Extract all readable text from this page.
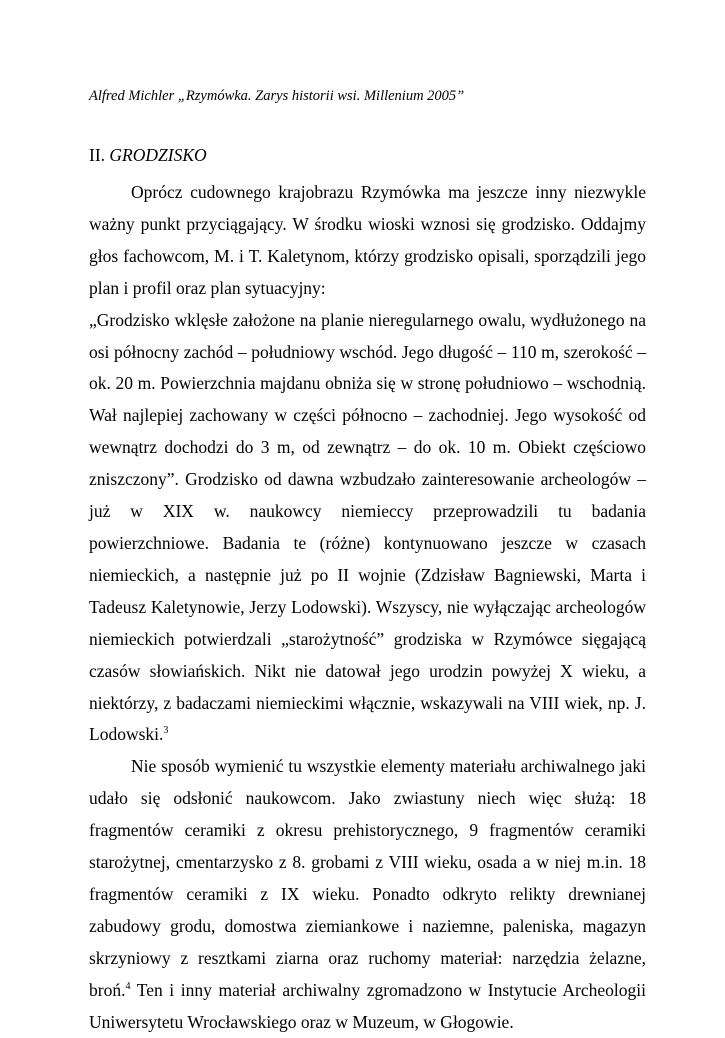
Alfred Michler „Rzymówka. Zarys historii wsi. Millenium 2005”
II. GRODZISKO

Oprócz cudownego krajobrazu Rzymówka ma jeszcze inny niezwykle ważny punkt przyciągający. W środku wioski wznosi się grodzisko. Oddajmy głos fachowcom, M. i T. Kaletynom, którzy grodzisko opisali, sporządzili jego plan i profil oraz plan sytuacyjny:

„Grodzisko wklęsłe założone na planie nieregularnego owalu, wydłużonego na osi północny zachód – południowy wschód. Jego długość – 110 m, szerokość – ok. 20 m. Powierzchnia majdanu obniża się w stronę południowo – wschodnią. Wał najlepiej zachowany w części północno – zachodniej. Jego wysokość od wewnątrz dochodzi do 3 m, od zewnątrz – do ok. 10 m. Obiekt częściowo zniszczony”. Grodzisko od dawna wzbudzało zainteresowanie archeologów – już w XIX w. naukowcy niemieccy przeprowadzili tu badania powierzchniowe. Badania te (różne) kontynuowano jeszcze w czasach niemieckich, a następnie już po II wojnie (Zdzisław Bagniewski, Marta i Tadeusz Kaletynowie, Jerzy Lodowski). Wszyscy, nie wyłączając archeologów niemieckich potwierdzali „starożytność” grodziska w Rzymówce sięgającą czasów słowiańskich. Nikt nie datował jego urodzin powyżej X wieku, a niektórzy, z badaczami niemieckimi włącznie, wskazywali na VIII wiek, np. J. Lodowski.$^3$

Nie sposób wymienić tu wszystkie elementy materiału archiwalnego jaki udało się odsłonić naukowcom. Jako zwiastuny niech więc służą: 18 fragmentów ceramiki z okresu prehistorycznego, 9 fragmentów ceramiki starożytnej, cmentarzysko z 8. grobami z VIII wieku, osada a w niej m.in. 18 fragmentów ceramiki z IX wieku. Ponadto odkryto relikty drewnianej zabudowy grodu, domostwa ziemiankowe i naziemne, paleniska, magazyn skrzyniowy z resztkami ziarna oraz ruchomy materiał: narzędzia żelazne, broń.$^4$ Ten i inny materiał archiwalny zgromadzono w Instytucie Archeologii Uniwersytetu Wrocławskiego oraz w Muzeum, w Głogowie.
